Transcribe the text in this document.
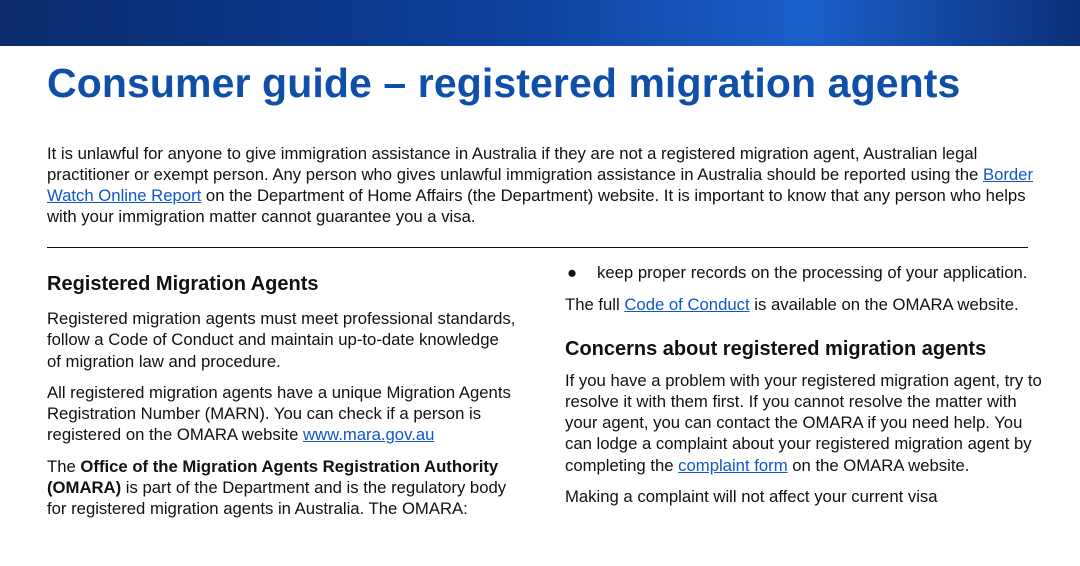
Consumer guide – registered migration agents

It is unlawful for anyone to give immigration assistance in Australia if they are not a registered migration agent, Australian legal practitioner or exempt person. Any person who gives unlawful immigration assistance in Australia should be reported using the Border Watch Online Report on the Department of Home Affairs (the Department) website. It is important to know that any person who helps with your immigration matter cannot guarantee you a visa.

Registered Migration Agents

Registered migration agents must meet professional standards, follow a Code of Conduct and maintain up-to-date knowledge of migration law and procedure.

All registered migration agents have a unique Migration Agents Registration Number (MARN). You can check if a person is registered on the OMARA website www.mara.gov.au

The Office of the Migration Agents Registration Authority (OMARA) is part of the Department and is the regulatory body for registered migration agents in Australia. The OMARA:

●	keep proper records on the processing of your application.

The full Code of Conduct is available on the OMARA website.

Concerns about registered migration agents

If you have a problem with your registered migration agent, try to resolve it with them first. If you cannot resolve the matter with your agent, you can contact the OMARA if you need help. You can lodge a complaint about your registered migration agent by completing the complaint form on the OMARA website.

Making a complaint will not affect your current visa
